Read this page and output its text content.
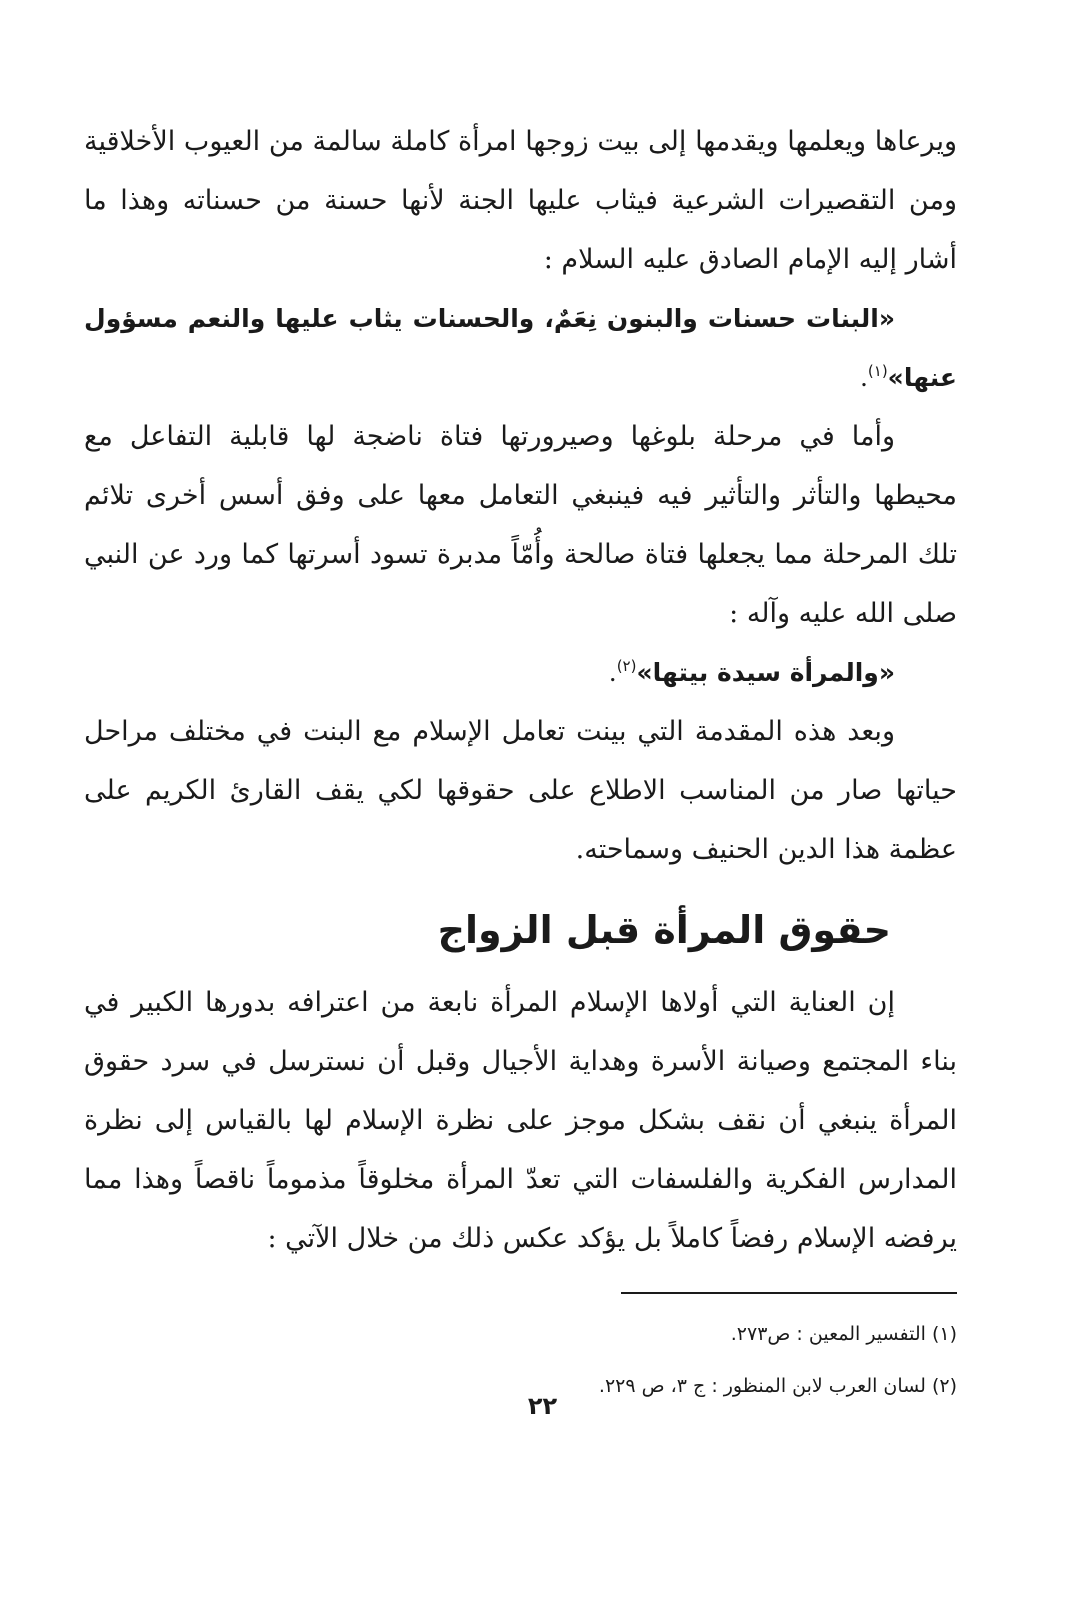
ويرعاها ويعلمها ويقدمها إلى بيت زوجها امرأة كاملة سالمة من العيوب الأخلاقية ومن التقصيرات الشرعية فيثاب عليها الجنة لأنها حسنة من حسناته وهذا ما أشار إليه الإمام الصادق عليه السلام :

«البنات حسنات والبنون نِعَمٌ، والحسنات يثاب عليها والنعم مسؤول عنها»$^{(١)}$.

وأما في مرحلة بلوغها وصيرورتها فتاة ناضجة لها قابلية التفاعل مع محيطها والتأثر والتأثير فيه فينبغي التعامل معها على وفق أسس أخرى تلائم تلك المرحلة مما يجعلها فتاة صالحة وأُمّاً مدبرة تسود أسرتها كما ورد عن النبي صلى الله عليه وآله :

«والمرأة سيدة بيتها»$^{(٢)}$.

وبعد هذه المقدمة التي بينت تعامل الإسلام مع البنت في مختلف مراحل حياتها صار من المناسب الاطلاع على حقوقها لكي يقف القارئ الكريم على عظمة هذا الدين الحنيف وسماحته.

حقوق المرأة قبل الزواج

إن العناية التي أولاها الإسلام المرأة نابعة من اعترافه بدورها الكبير في بناء المجتمع وصيانة الأسرة وهداية الأجيال وقبل أن نسترسل في سرد حقوق المرأة ينبغي أن نقف بشكل موجز على نظرة الإسلام لها بالقياس إلى نظرة المدارس الفكرية والفلسفات التي تعدّ المرأة مخلوقاً مذموماً ناقصاً وهذا مما يرفضه الإسلام رفضاً كاملاً بل يؤكد عكس ذلك من خلال الآتي :

(١) التفسير المعين : ص٢٧٣.

(٢) لسان العرب لابن المنظور : ج ٣، ص ٢٢٩.

٢٢
